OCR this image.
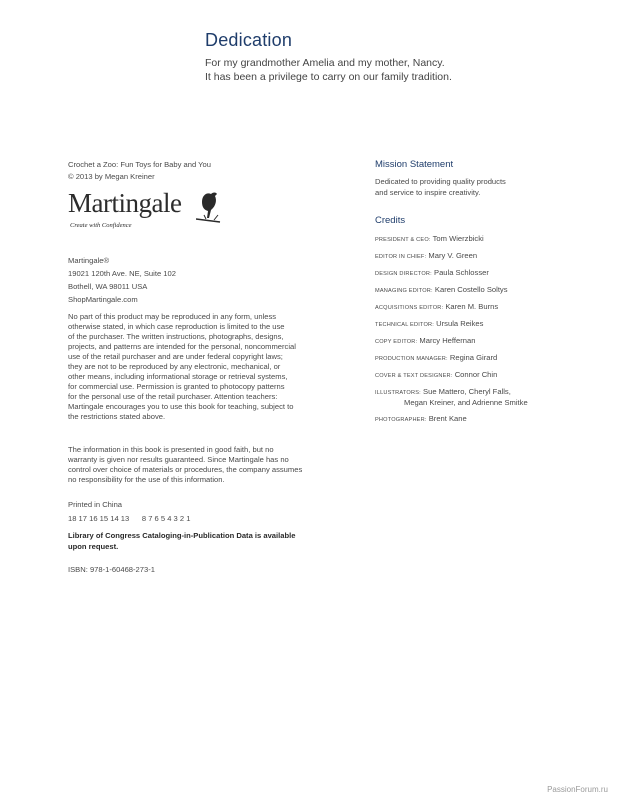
Dedication
For my grandmother Amelia and my mother, Nancy.
It has been a privilege to carry on our family tradition.
Crochet a Zoo: Fun Toys for Baby and You
© 2013 by Megan Kreiner
Martingale
Create with Confidence
Martingale®
19021 120th Ave. NE, Suite 102
Bothell, WA 98011 USA
ShopMartingale.com

No part of this product may be reproduced in any form, unless

otherwise stated, in which case reproduction is limited to the use

of the purchaser. The written instructions, photographs, designs,

projects, and patterns are intended for the personal, noncommercial

use of the retail purchaser and are under federal copyright laws;

they are not to be reproduced by any electronic, mechanical, or

other means, including informational storage or retrieval systems,

for commercial use. Permission is granted to photocopy patterns

for the personal use of the retail purchaser. Attention teachers:

Martingale encourages you to use this book for teaching, subject to

the restrictions stated above.

The information in this book is presented in good faith, but no

warranty is given nor results guaranteed. Since Martingale has no

control over choice of materials or procedures, the company assumes

no responsibility for the use of this information.

Printed in China
18 17 16 15 14 13      8 7 6 5 4 3 2 1
Library of Congress Cataloging-in-Publication Data is available
upon request.
ISBN: 978-1-60468-273-1
Mission Statement
Dedicated to providing quality products
and service to inspire creativity.
Credits

PRESIDENT & CEO: Tom Wierzbicki

EDITOR IN CHIEF: Mary V. Green

DESIGN DIRECTOR: Paula Schlosser

MANAGING EDITOR: Karen Costello Soltys

ACQUISITIONS EDITOR: Karen M. Burns

TECHNICAL EDITOR: Ursula Reikes

COPY EDITOR: Marcy Heffernan

PRODUCTION MANAGER: Regina Girard

COVER & TEXT DESIGNER: Connor Chin

ILLUSTRATORS: Sue Mattero, Cheryl Falls,

Megan Kreiner, and Adrienne Smitke

PHOTOGRAPHER: Brent Kane

PassionForum.ru
